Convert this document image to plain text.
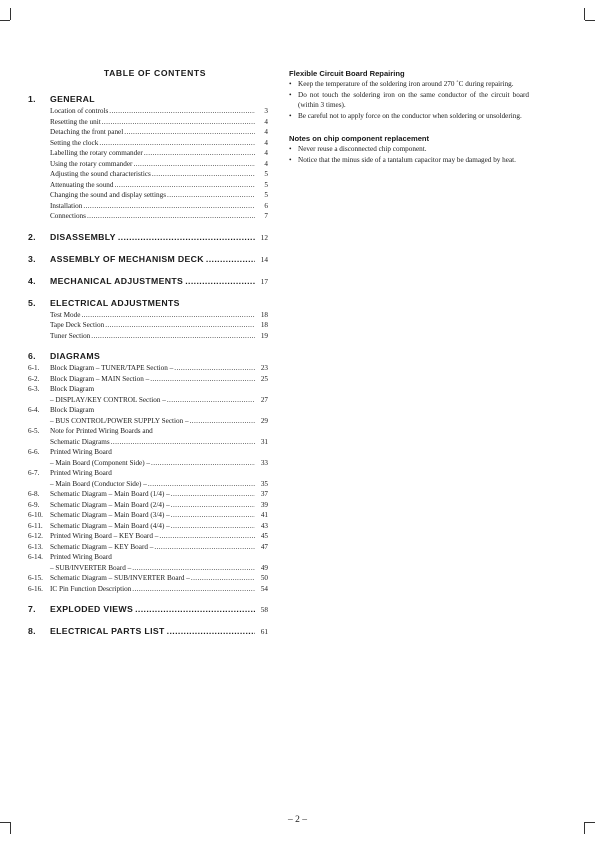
TABLE OF CONTENTS
1.	GENERAL
Location of controls .....	3
Resetting the unit .....	4
Detaching the front panel .....	4
Setting the clock .....	4
Labelling the rotary commander .....	4
Using the rotary commander .....	4
Adjusting the sound characteristics .....	5
Attenuating the sound .....	5
Changing the sound and display settings .....	5
Installation .....	6
Connections .....	7
2.	DISASSEMBLY .....	12
3.	ASSEMBLY OF MECHANISM DECK .....	14
4.	MECHANICAL ADJUSTMENTS .....	17
5.	ELECTRICAL ADJUSTMENTS
Test Mode .....	18
Tape Deck Section .....	18
Tuner Section .....	19
6.	DIAGRAMS
6-1.	Block Diagram – TUNER/TAPE Section – .....	23
6-2.	Block Diagram – MAIN Section – .....	25
6-3.	Block Diagram
– DISPLAY/KEY CONTROL Section – .....	27
6-4.	Block Diagram
– BUS CONTROL/POWER SUPPLY Section – .....	29
6-5.	Note for Printed Wiring Boards and
Schematic Diagrams .....	31
6-6.	Printed Wiring Board
– Main Board (Component Side) – .....	33
6-7.	Printed Wiring Board
– Main Board (Conductor Side) – .....	35
6-8.	Schematic Diagram – Main Board (1/4) – .....	37
6-9.	Schematic Diagram – Main Board (2/4) – .....	39
6-10. Schematic Diagram – Main Board (3/4) – .....	41
6-11.	Schematic Diagram – Main Board (4/4) – .....	43
6-12. Printed Wiring Board – KEY Board – .....	45
6-13. Schematic Diagram – KEY Board – .....	47
6-14. Printed Wiring Board
– SUB/INVERTER Board – .....	49
6-15. Schematic Diagram – SUB/INVERTER Board – .....	50
6-16. IC Pin Function Description .....	54
7.	EXPLODED VIEWS .....	58
8.	ELECTRICAL PARTS LIST .....	61
Flexible Circuit Board Repairing
• Keep the temperature of the soldering iron around 270 ˚C during repairing.
• Do not touch the soldering iron on the same conductor of the circuit board (within 3 times).
• Be careful not to apply force on the conductor when soldering or unsoldering.
Notes on chip component replacement
• Never reuse a disconnected chip component.
• Notice that the minus side of a tantalum capacitor may be damaged by heat.
– 2 –
